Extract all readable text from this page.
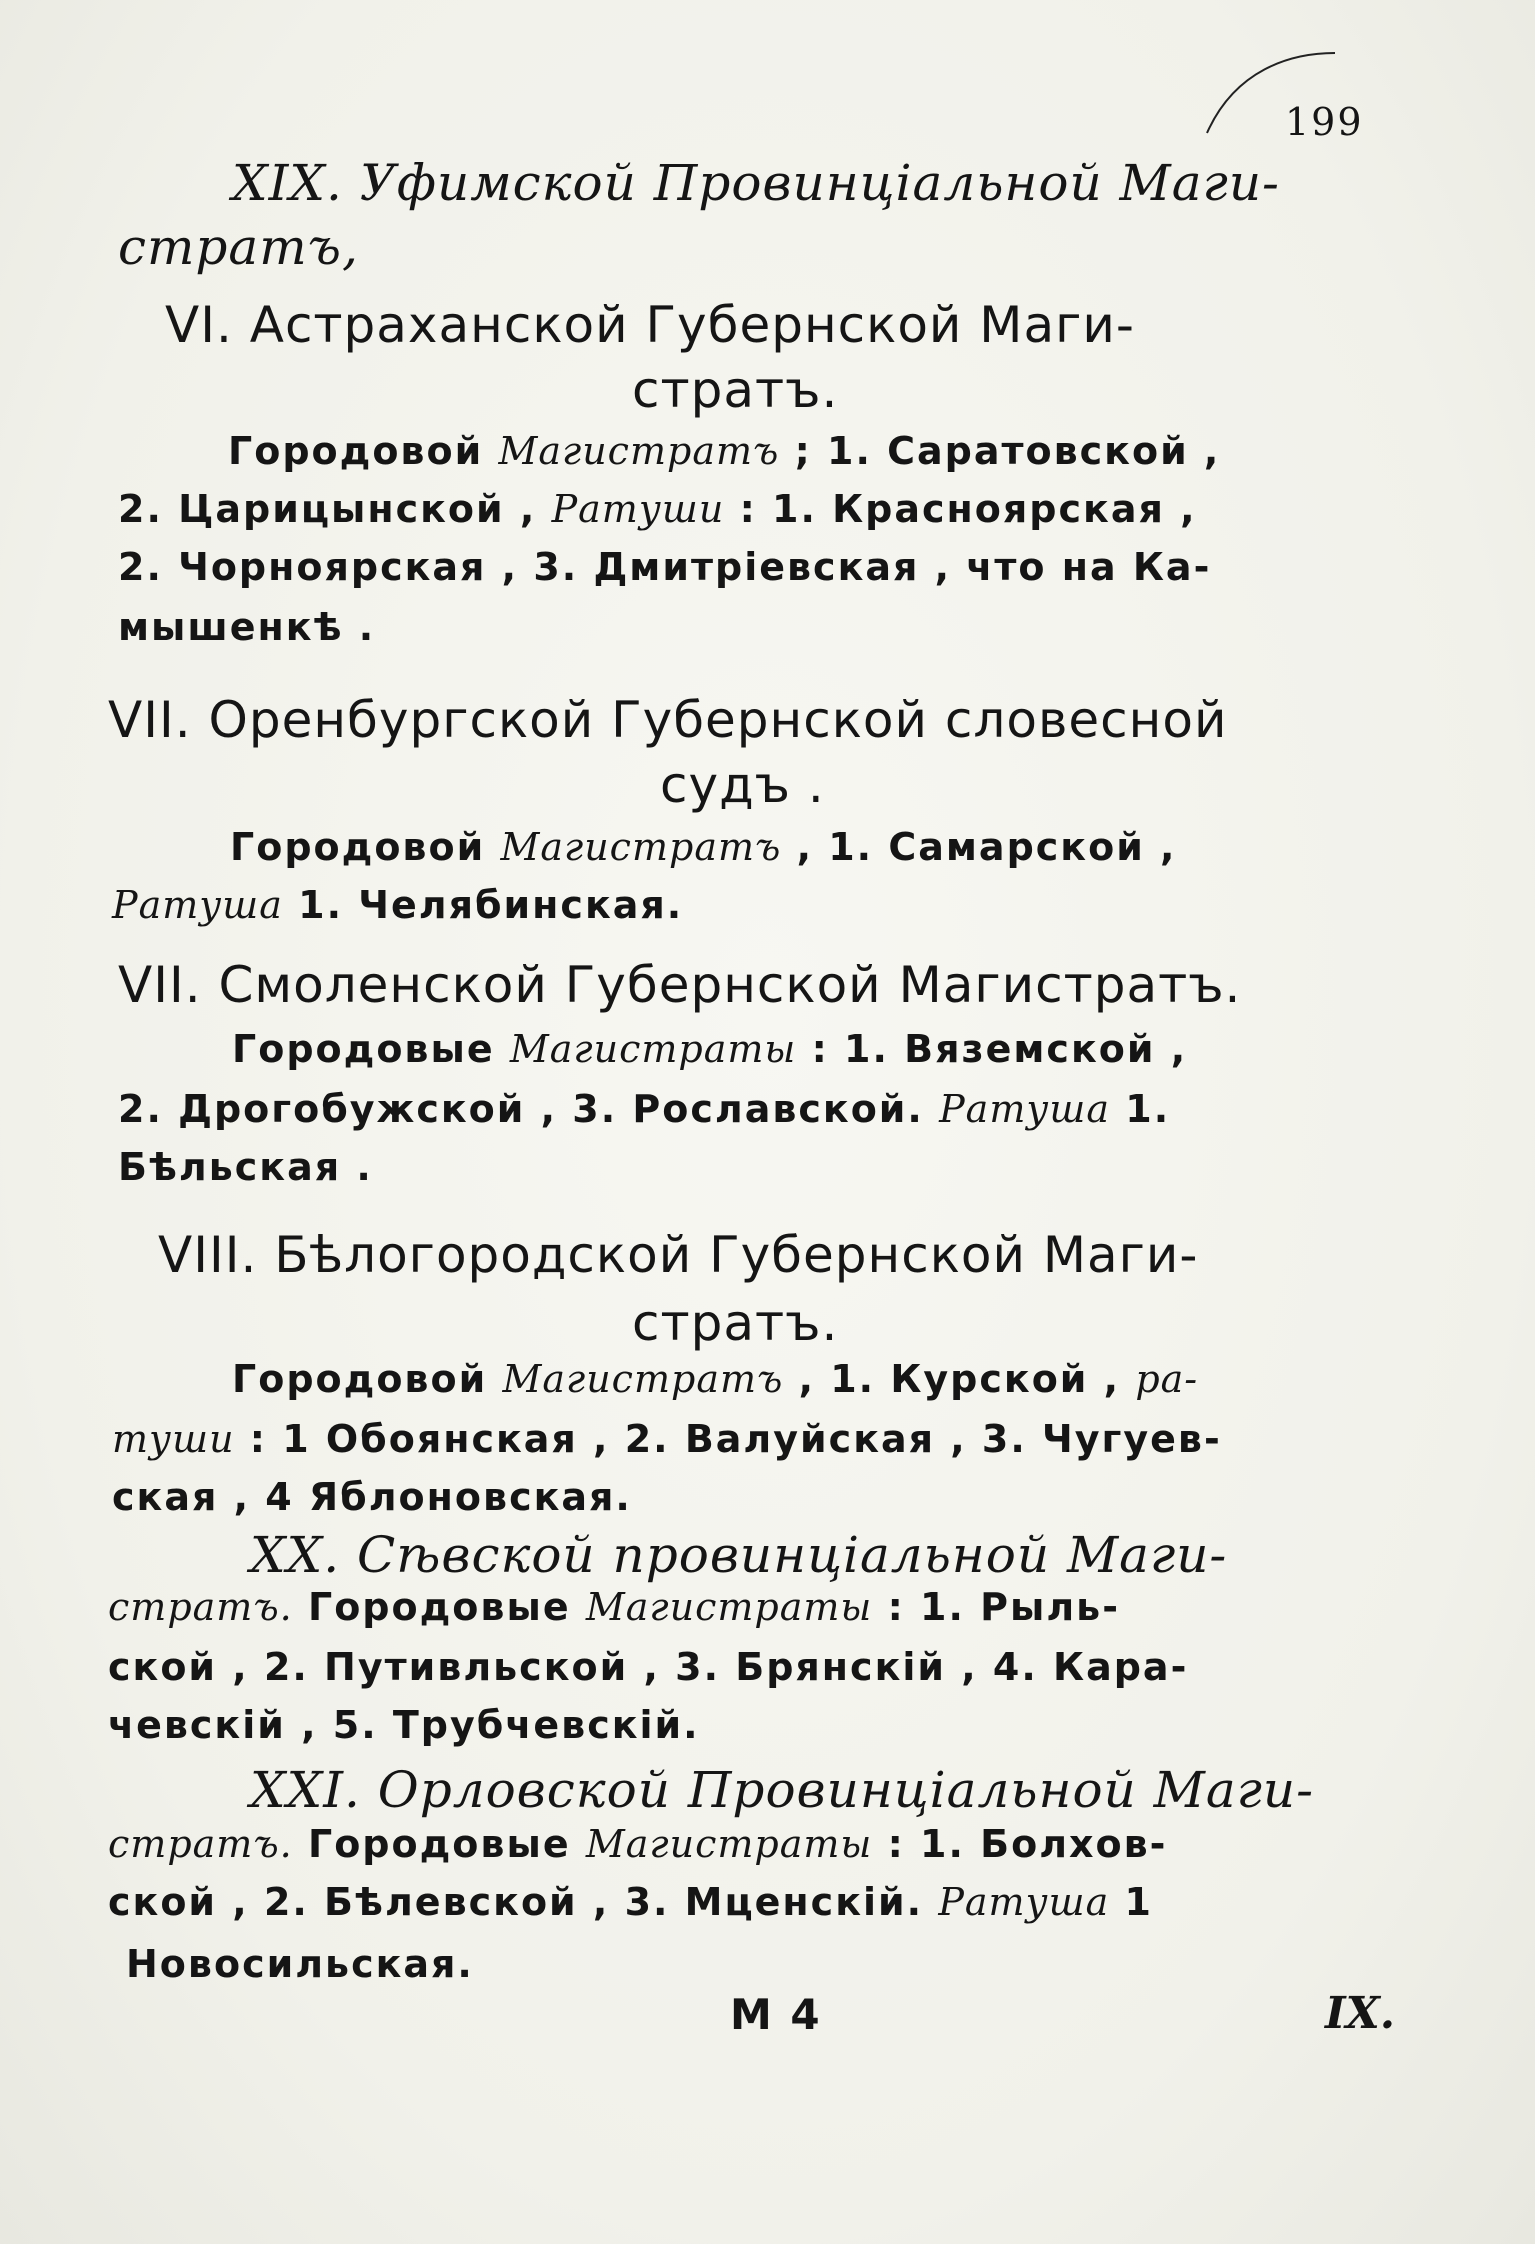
199
XIX. Уфимской Провинціальной Маги-
стратъ,
VI. Астраханской Губернской Маги-
стратъ.
Городовой Магистратъ ; 1. Саратовской ,
2. Царицынской , Ратуши : 1. Красноярская ,
2. Чорноярская , 3. Дмитріевская , что на Ка-
мышенкѣ .
VII. Оренбургской Губернской словесной
судъ .
Городовой Магистратъ , 1. Самарской ,
Ратуша 1. Челябинская.
VII. Смоленской Губернской Магистратъ.
Городовые Магистраты : 1. Вяземской ,
2. Дрогобужской , 3. Рославской. Ратуша 1.
Бѣльская .
VIII. Бѣлогородской Губернской Маги-
стратъ.
Городовой Магистратъ , 1. Курской , ра-
туши : 1 Обоянская , 2. Валуйская , 3. Чугуев-
ская , 4 Яблоновская.
XX. Сѣвской провинціальной Маги-
стратъ. Городовые Магистраты : 1. Рыль-
ской , 2. Путивльской , 3. Брянскій , 4. Кара-
чевскій , 5. Трубчевскій.
XXI. Орловской Провинціальной Маги-
стратъ. Городовые Магистраты : 1. Болхов-
ской , 2. Бѣлевской , 3. Мценскій. Ратуша 1
Новосильская.
М 4	IX.
